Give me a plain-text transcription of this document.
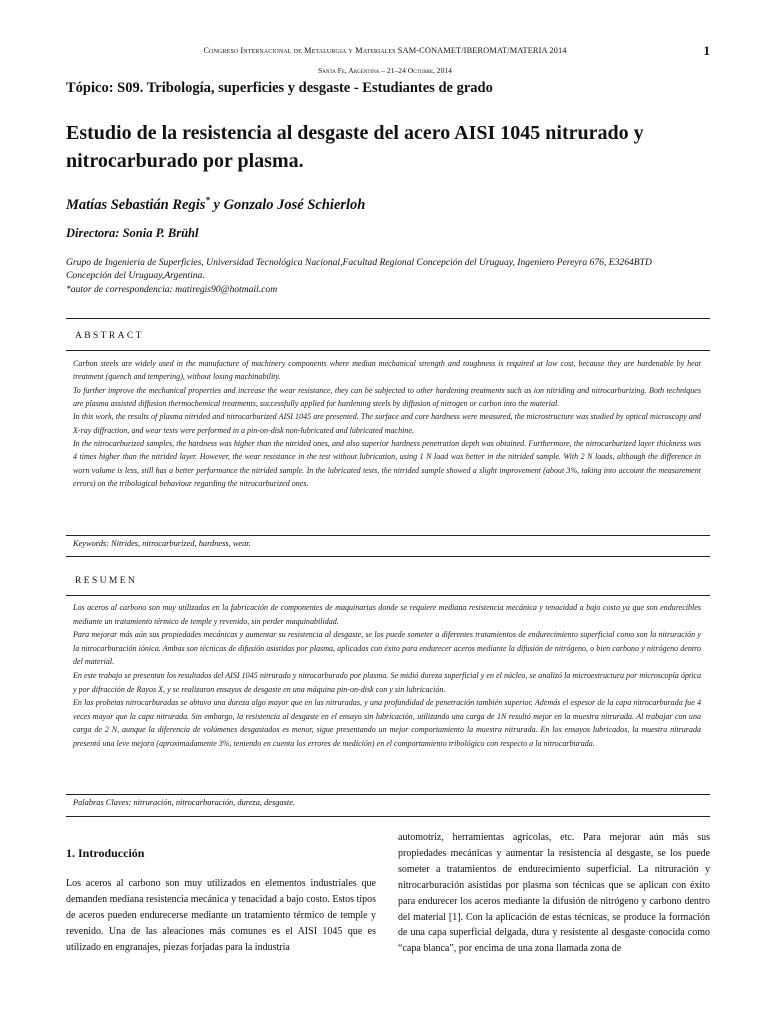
Congreso Internacional de Metalurgia y Materiales SAM-CONAMET/IBEROMAT/MATERIA 2014	1
Santa Fe, Argentina – 21–24 Octubre, 2014
Tópico: S09. Tribología, superficies y desgaste - Estudiantes de grado
Estudio de la resistencia al desgaste del acero AISI 1045 nitrurado y nitrocarburado por plasma.
Matías Sebastián Regis* y Gonzalo José Schierloh
Directora: Sonia P. Brühl
Grupo de Ingeniería de Superficies, Universidad Tecnológica Nacional,Facultad Regional Concepción del Uruguay, Ingeniero Pereyra 676, E3264BTD
Concepción del Uruguay,Argentina.
*autor de correspondencia: matiregis90@hotmail.com
ABSTRACT

Carbon steels are widely used in the manufacture of machinery components where median mechanical strength and toughness is required at low cost, because they are hardenable by heat treatment (quench and tempering), without losing machinability.

To further improve the mechanical properties and increase the wear resistance, they can be subjected to other hardening treatments such as ion nitriding and nitrocarburizing. Both techniques are plasma assisted diffusion thermochemical treatments, successfully applied for hardening steels by diffusion of nitrogen or carbon into the material.

In this work, the results of plasma nitrided and nitrocarburized AISI 1045 are presented. The surface and core hardness were measured, the microstructure was studied by optical microscopy and X-ray diffraction, and wear tests were performed in a pin-on-disk non-lubricated and lubricated machine.

In the nitrocarburized samples, the hardness was higher than the nitrided ones, and also superior hardness penetration depth was obtained. Furthermore, the nitrocarburized layer thickness was 4 times higher than the nitrided layer. However, the wear resistance in the test without lubrication, using 1 N load was better in the nitrided sample. With 2 N loads, although the difference in worn volume is less, still has a better performance the nitrided sample. In the lubricated tests, the nitrided sample showed a slight improvement (about 3%, taking into account the measurement errors) on the tribological behaviour regarding the nitrocarburized ones.

Keywords: Nitrides, nitrocarburized, hardness, wear.
RESUMEN

Los aceros al carbono son muy utilizados en la fabricación de componentes de maquinarias donde se requiere mediana resistencia mecánica y tenacidad a bajo costo ya que son endurecibles mediante un tratamiento térmico de temple y revenido, sin perder maquinabilidad.

Para mejorar más aún sus propiedades mecánicas y aumentar su resistencia al desgaste, se los puede someter a diferentes tratamientos de endurecimiento superficial como son la nitruración y la nitrocarburación iónica. Ambas son técnicas de difusión asistidas por plasma, aplicadas con éxito para endurecer aceros mediante la difusión de nitrógeno, o bien carbono y nitrógeno dentro del material.

En este trabajo se presentan los resultados del AISI 1045 nitrurado y nitrocarburado por plasma. Se midió dureza superficial y en el núcleo, se analizó la microestructura por microscopía óptica y por difracción de Rayos X, y se realizaron ensayos de desgaste en una máquina pin-on-disk con y sin lubricación.

En las probetas nitrocarburadas se obtuvo una dureza algo mayor que en las nitruradas, y una profundidad de penetración también superior. Además el espesor de la capa nitrocarburada fue 4 veces mayor que la capa nitrurada. Sin embargo, la resistencia al desgaste en el ensayo sin lubricación, utilizando una carga de 1N resultó mejor en la muestra nitrurada. Al trabajar con una carga de 2 N, aunque la diferencia de volúmenes desgastados es menor, sigue presentando un mejor comportamiento la muestra nitrurada. En los ensayos lubricados, la muestra nitrurada presentó una leve mejora (aproximadamente 3%, teniendo en cuenta los errores de medición) en el comportamiento tribológico con respecto a la nitrocarburada.

Palabras Claves: nitruración, nitrocarburación, dureza, desgaste.
1. Introducción

Los aceros al carbono son muy utilizados en elementos industriales que demanden mediana resistencia mecánica y tenacidad a bajo costo. Estos tipos de aceros pueden endurecerse mediante un tratamiento térmico de temple y revenido. Una de las aleaciones más comunes es el AISI 1045 que es utilizado en engranajes, piezas forjadas para la industria

automotriz, herramientas agrícolas, etc. Para mejorar aún más sus propiedades mecánicas y aumentar la resistencia al desgaste, se los puede someter a tratamientos de endurecimiento superficial. La nitruración y nitrocarburación asistidas por plasma son técnicas que se aplican con éxito para endurecer los aceros mediante la difusión de nitrógeno y carbono dentro del material [1]. Con la aplicación de estas técnicas, se produce la formación de una capa superficial delgada, dura y resistente al desgaste conocida como “capa blanca”, por encima de una zona llamada zona de
